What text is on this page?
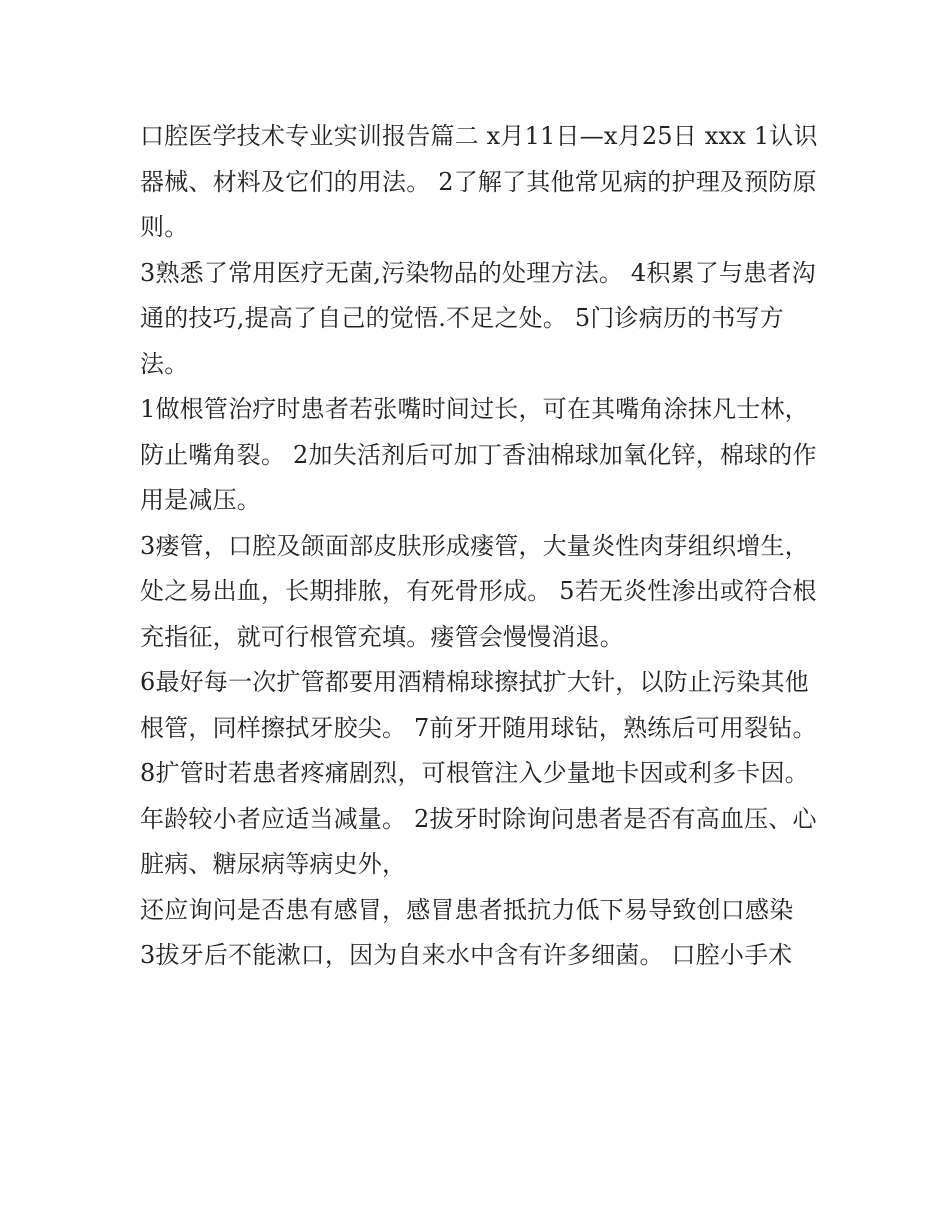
口腔医学技术专业实训报告篇二 x月11日—x月25日 xxx 1认识器械、材料及它们的用法。 2了解了其他常见病的护理及预防原则。

3熟悉了常用医疗无菌,污染物品的处理方法。 4积累了与患者沟通的技巧,提高了自己的觉悟.不足之处。 5门诊病历的书写方法。

1做根管治疗时患者若张嘴时间过长，可在其嘴角涂抹凡士林，防止嘴角裂。 2加失活剂后可加丁香油棉球加氧化锌，棉球的作用是减压。

3瘘管，口腔及颌面部皮肤形成瘘管，大量炎性肉芽组织增生，处之易出血，长期排脓，有死骨形成。 5若无炎性渗出或符合根充指征，就可行根管充填。瘘管会慢慢消退。

6最好每一次扩管都要用酒精棉球擦拭扩大针，以防止污染其他 根管，同样擦拭牙胶尖。 7前牙开随用球钻，熟练后可用裂钻。

8扩管时若患者疼痛剧烈，可根管注入少量地卡因或利多卡因。 年龄较小者应适当减量。 2拔牙时除询问患者是否有高血压、心脏病、糖尿病等病史外，

还应询问是否患有感冒，感冒患者抵抗力低下易导致创口感染

3拔牙后不能漱口，因为自来水中含有许多细菌。 口腔小手术
